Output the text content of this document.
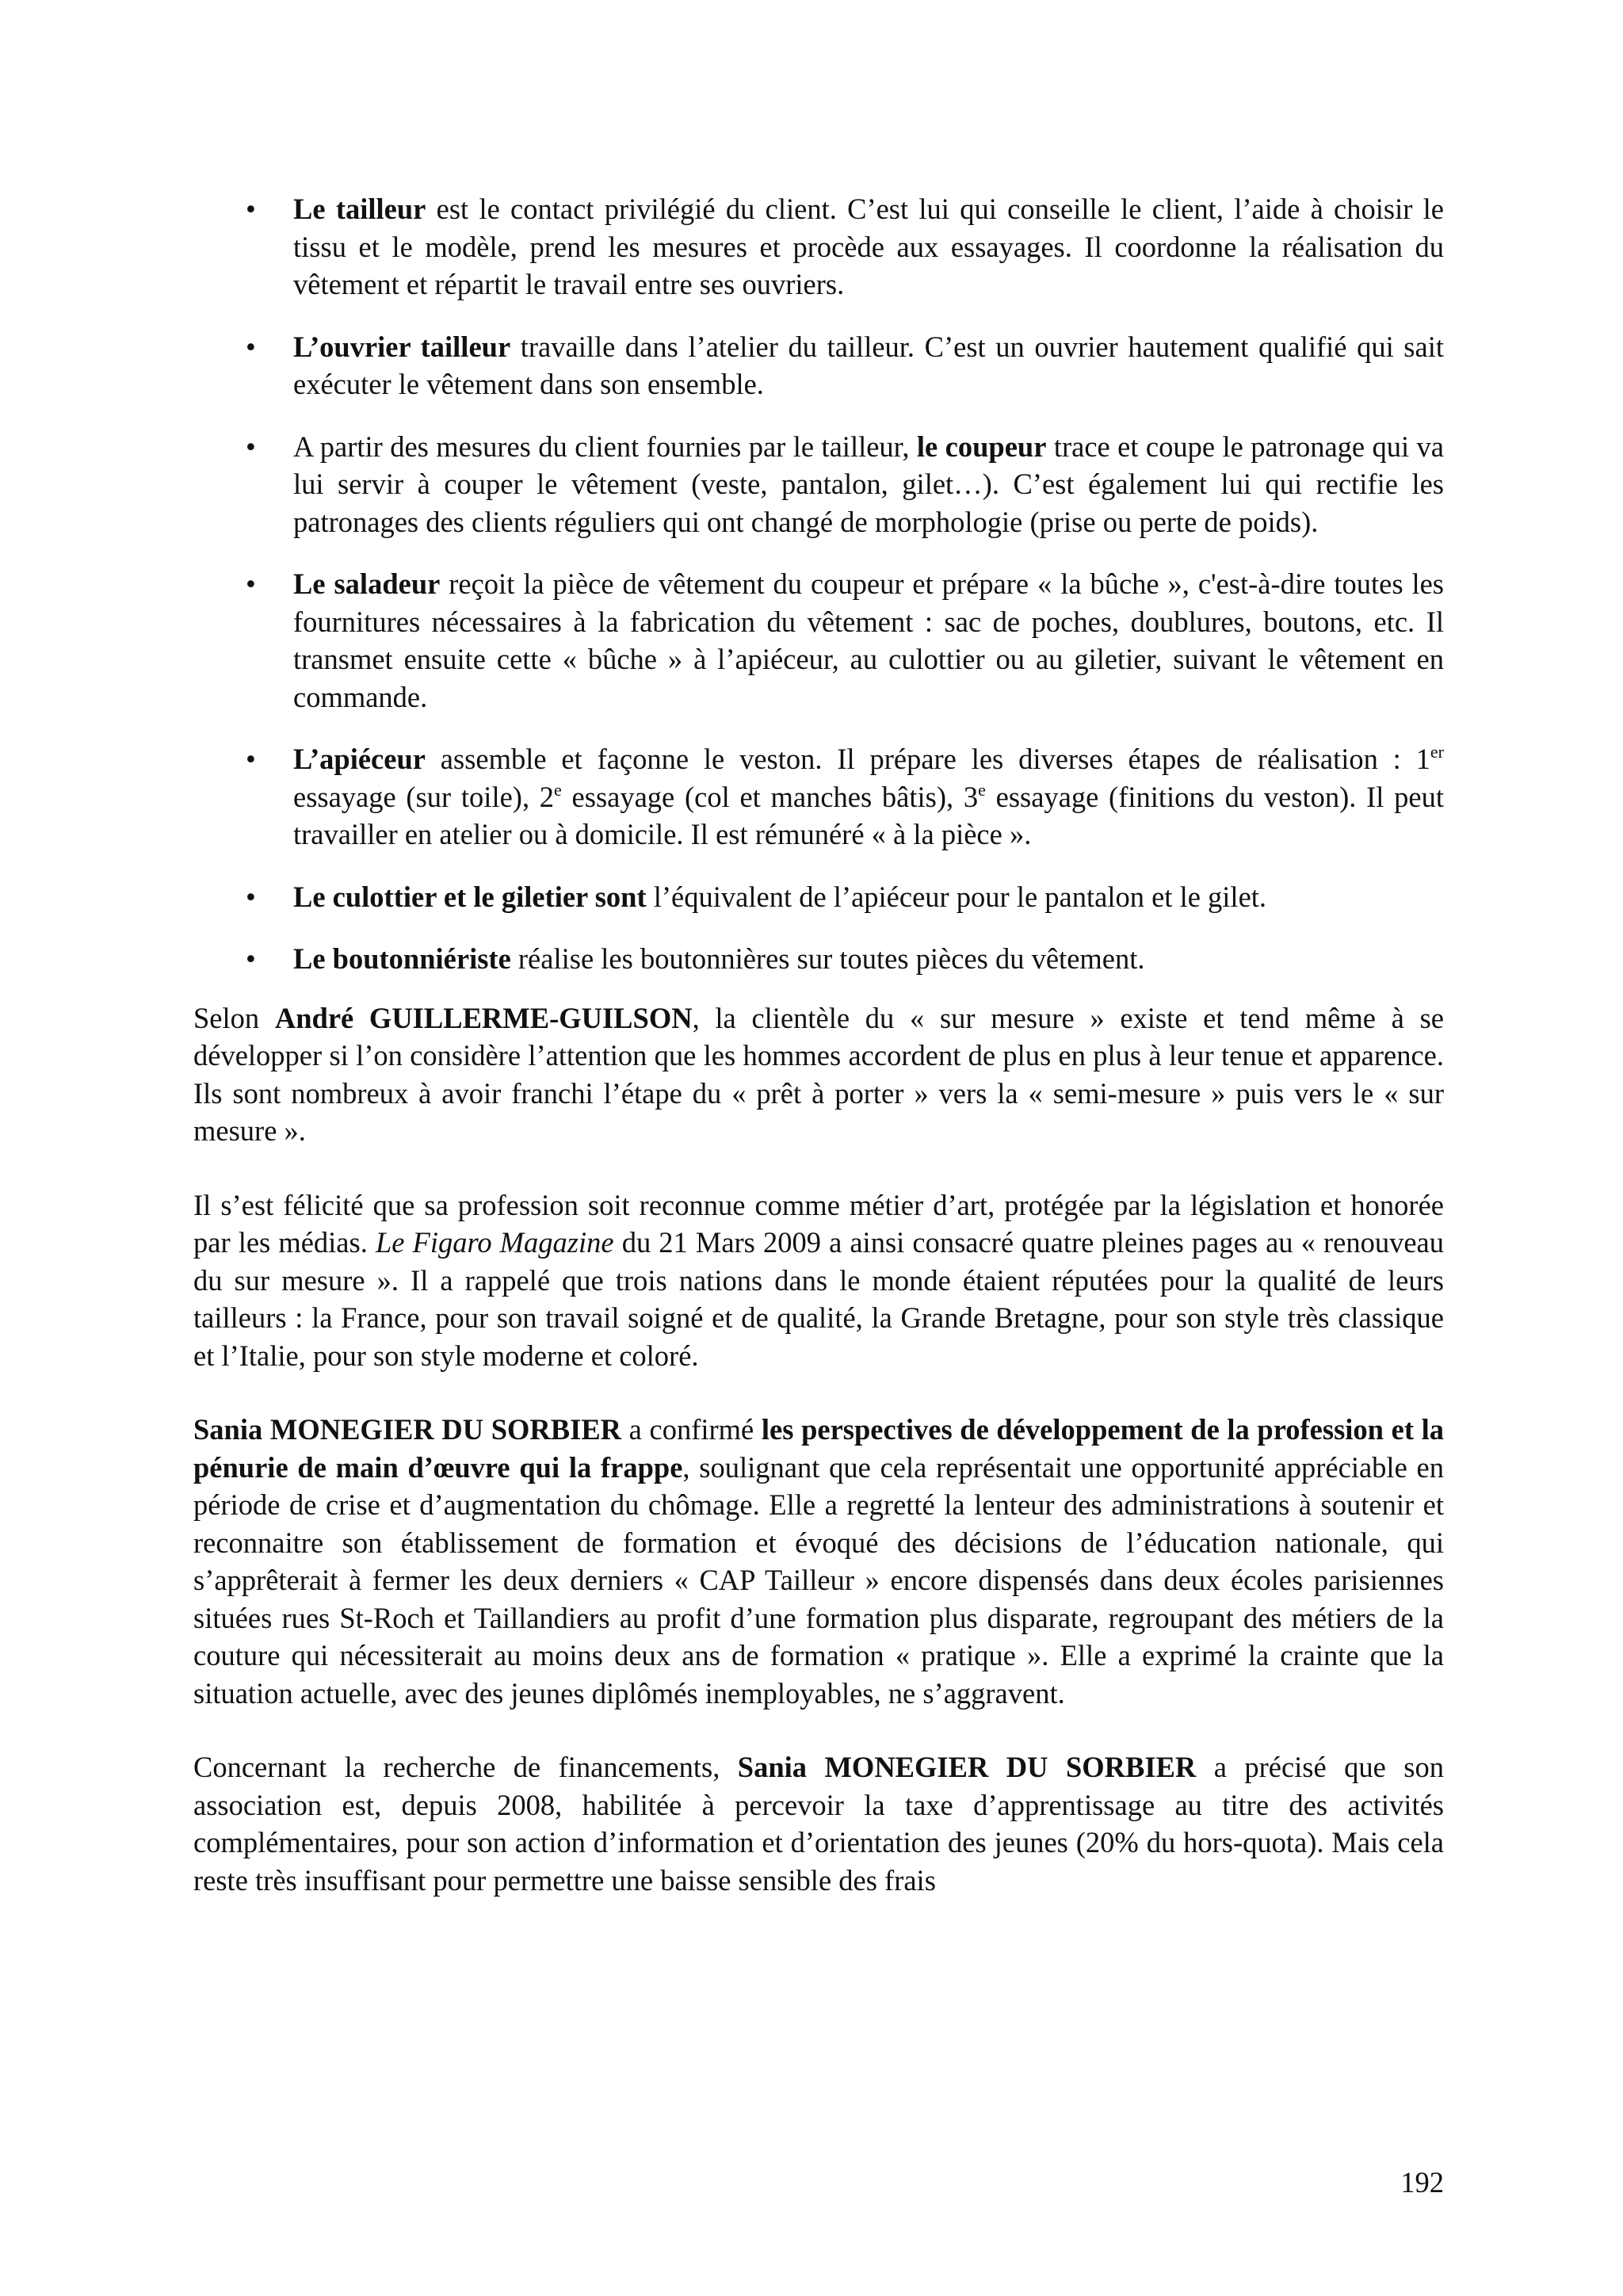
• Le tailleur est le contact privilégié du client. C’est lui qui conseille le client, l’aide à choisir le tissu et le modèle, prend les mesures et procède aux essayages. Il coordonne la réalisation du vêtement et répartit le travail entre ses ouvriers.
• L’ouvrier tailleur travaille dans l’atelier du tailleur. C’est un ouvrier hautement qualifié qui sait exécuter le vêtement dans son ensemble.
• A partir des mesures du client fournies par le tailleur, le coupeur trace et coupe le patronage qui va lui servir à couper le vêtement (veste, pantalon, gilet…). C’est également lui qui rectifie les patronages des clients réguliers qui ont changé de morphologie (prise ou perte de poids).
• Le saladeur reçoit la pièce de vêtement du coupeur et prépare « la bûche », c'est-à-dire toutes les fournitures nécessaires à la fabrication du vêtement : sac de poches, doublures, boutons, etc. Il transmet ensuite cette « bûche » à l’apiéceur, au culottier ou au giletier, suivant le vêtement en commande.
• L’apiéceur assemble et façonne le veston. Il prépare les diverses étapes de réalisation : 1er essayage (sur toile), 2e essayage (col et manches bâtis), 3e essayage (finitions du veston). Il peut travailler en atelier ou à domicile. Il est rémunéré « à la pièce ».
• Le culottier et le giletier sont l’équivalent de l’apiéceur pour le pantalon et le gilet.
• Le boutonniériste réalise les boutonnières sur toutes pièces du vêtement.

Selon André GUILLERME-GUILSON, la clientèle du « sur mesure » existe et tend même à se développer si l’on considère l’attention que les hommes accordent de plus en plus à leur tenue et apparence. Ils sont nombreux à avoir franchi l’étape du « prêt à porter » vers la « semi-mesure » puis vers le « sur mesure ».

Il s’est félicité que sa profession soit reconnue comme métier d’art, protégée par la législation et honorée par les médias. Le Figaro Magazine du 21 Mars 2009 a ainsi consacré quatre pleines pages au « renouveau du sur mesure ». Il a rappelé que trois nations dans le monde étaient réputées pour la qualité de leurs tailleurs : la France, pour son travail soigné et de qualité, la Grande Bretagne, pour son style très classique et l’Italie, pour son style moderne et coloré.

Sania MONEGIER DU SORBIER a confirmé les perspectives de développement de la profession et la pénurie de main d’œuvre qui la frappe, soulignant que cela représentait une opportunité appréciable en période de crise et d’augmentation du chômage. Elle a regretté la lenteur des administrations à soutenir et reconnaitre son établissement de formation et évoqué des décisions de l’éducation nationale, qui s’apprêterait à fermer les deux derniers « CAP Tailleur » encore dispensés dans deux écoles parisiennes situées rues St-Roch et Taillandiers au profit d’une formation plus disparate, regroupant des métiers de la couture qui nécessiterait au moins deux ans de formation « pratique ». Elle a exprimé la crainte que la situation actuelle, avec des jeunes diplômés inemployables, ne s’aggravent.

Concernant la recherche de financements, Sania MONEGIER DU SORBIER a précisé que son association est, depuis 2008, habilitée à percevoir la taxe d’apprentissage au titre des activités complémentaires, pour son action d’information et d’orientation des jeunes (20% du hors-quota). Mais cela reste très insuffisant pour permettre une baisse sensible des frais

192
